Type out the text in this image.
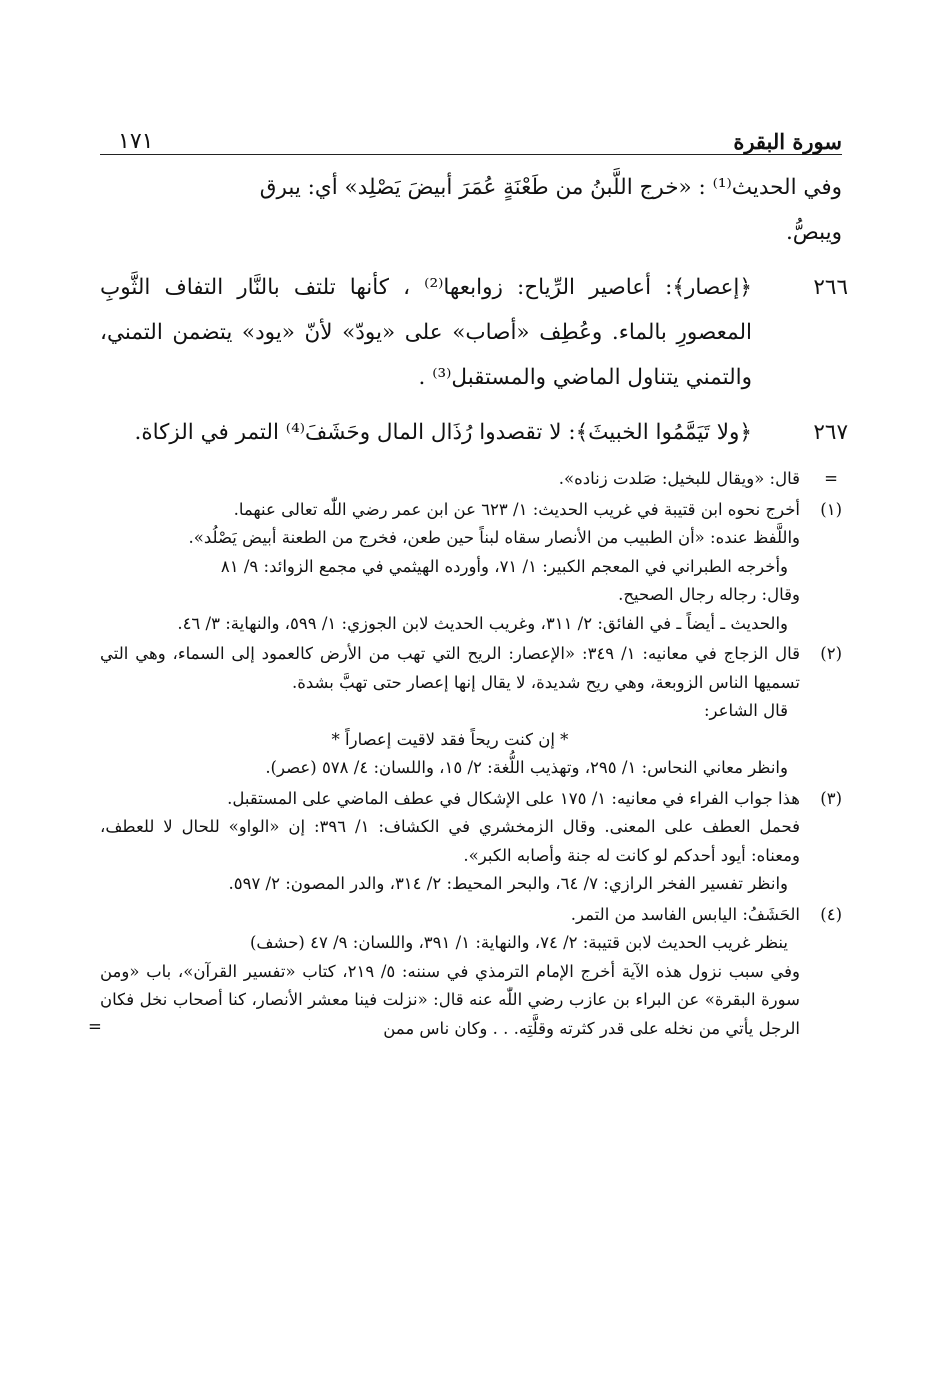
سورة البقرة
١٧١

وفي الحديث⁽¹⁾ : «خرج اللَّبنُ من طَعْنَةٍ عُمَرَ أبيضَ يَصْلِد» أي: يبرق

ويبصُّ.

٢٦٦

﴿إعصار﴾: أعاصير الرِّياح: زوابعها⁽²⁾ ، كأنها تلتف بالنَّار التفاف الثَّوبِ المعصورِ بالماء. وعُطِف «أصاب» على «يودّ» لأنّ «يود» يتضمن التمني، والتمني يتناول الماضي والمستقبل⁽³⁾ .

٢٦٧

﴿ولا تَيَمَّمُوا الخبيثَ﴾: لا تقصدوا رُذَال المال وحَشَفَ⁽⁴⁾ التمر في الزكاة.

=

قال: «ويقال للبخيل: صَلدت زناده».

(١)

أخرج نحوه ابن قتيبة في غريب الحديث: ١/ ٦٢٣ عن ابن عمر رضي اللّٰه تعالى عنهما.

واللَّفظ عنده: «أن الطبيب من الأنصار سقاه لبناً حين طعن، فخرج من الطعنة أبيض يَصْلُد».

وأخرجه الطبراني في المعجم الكبير: ١/ ٧١، وأورده الهيثمي في مجمع الزوائد: ٩/ ٨١

وقال: رجاله رجال الصحيح.

والحديث ـ أيضاً ـ في الفائق: ٢/ ٣١١، وغريب الحديث لابن الجوزي: ١/ ٥٩٩، والنهاية: ٣/ ٤٦.

(٢)

قال الزجاج في معانيه: ١/ ٣٤٩: «الإعصار: الريح التي تهب من الأرض كالعمود إلى السماء، وهي التي تسميها الناس الزوبعة، وهي ريح شديدة، لا يقال إنها إعصار حتى تهبَّ بشدة.

قال الشاعر:

* إن كنت ريحاً فقد لاقيت إعصاراً *

وانظر معاني النحاس: ١/ ٢٩٥، وتهذيب اللُّغة: ٢/ ١٥، واللسان: ٤/ ٥٧٨ (عصر).

(٣)

هذا جواب الفراء في معانيه: ١/ ١٧٥ على الإشكال في عطف الماضي على المستقبل.

فحمل العطف على المعنى. وقال الزمخشري في الكشاف: ١/ ٣٩٦: إن «الواو» للحال لا للعطف، ومعناه: أيود أحدكم لو كانت له جنة وأصابه الكبر».

وانظر تفسير الفخر الرازي: ٧/ ٦٤، والبحر المحيط: ٢/ ٣١٤، والدر المصون: ٢/ ٥٩٧.

(٤)

الحَشَفُ: اليابس الفاسد من التمر.

ينظر غريب الحديث لابن قتيبة: ٢/ ٧٤، والنهاية: ١/ ٣٩١، واللسان: ٩/ ٤٧ (حشف)

وفي سبب نزول هذه الآية أخرج الإمام الترمذي في سننه: ٥/ ٢١٩، كتاب «تفسير القرآن»، باب «ومن سورة البقرة» عن البراء بن عازب رضي اللّٰه عنه قال: «نزلت فينا معشر الأنصار، كنا أصحاب نخل فكان الرجل يأتي من نخله على قدر كثرته وقلَّتِه. . . وكان ناس ممن

=
